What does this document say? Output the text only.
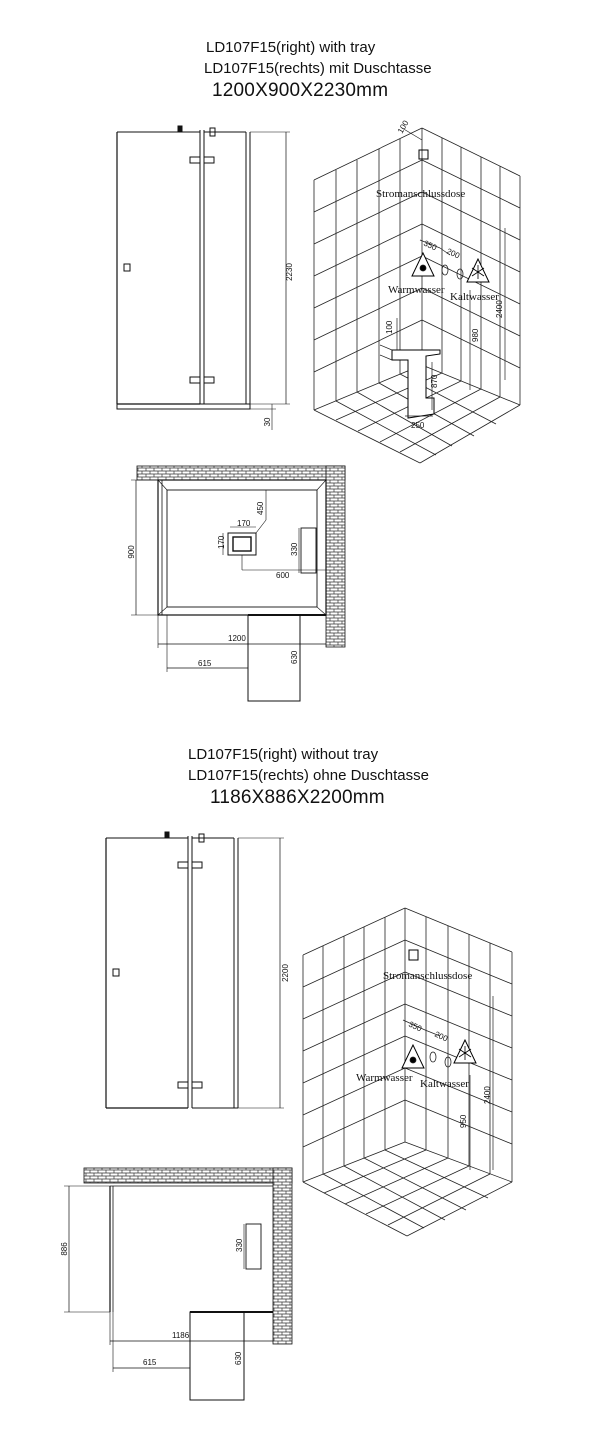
LD107F15(right) with tray
LD107F15(rechts) mit Duschtasse
1200X900X2230mm
LD107F15(right) without tray
LD107F15(rechts) ohne Duschtasse
1186X886X2200mm
2230
30
Stromanschlussdose
Warmwasser
Kaltwasser
100
350
200
2400
980
100
870
250
900
170
170
450
330
600
1200
615	630
2200	Stromanschlussdose
Warmwasser Kaltwasser
350
200
2400
950
886	330
1186
615	630
